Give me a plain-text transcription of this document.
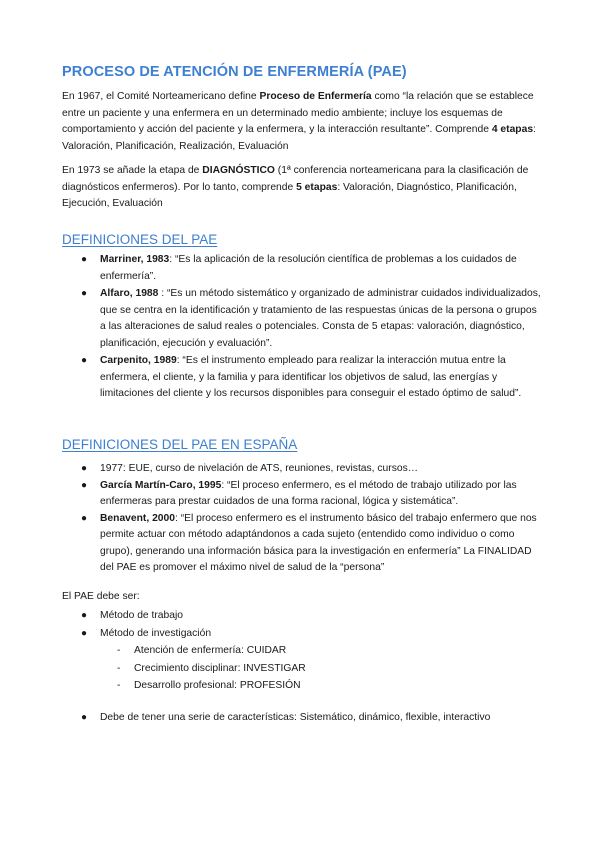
PROCESO DE ATENCIÓN DE ENFERMERÍA (PAE)
En 1967, el Comité Norteamericano define Proceso de Enfermería como “la relación que se establece entre un paciente y una enfermera en un determinado medio ambiente; incluye los esquemas de comportamiento y acción del paciente y la enfermera, y la interacción resultante”. Comprende 4 etapas: Valoración, Planificación, Realización, Evaluación
En 1973 se añade la etapa de DIAGNÓSTICO (1ª conferencia norteamericana para la clasificación de diagnósticos enfermeros). Por lo tanto, comprende 5 etapas: Valoración, Diagnóstico, Planificación, Ejecución, Evaluación
DEFINICIONES DEL PAE
● Marriner, 1983: “Es la aplicación de la resolución científica de problemas a los cuidados de enfermería”.
● Alfaro, 1988 : “Es un método sistemático y organizado de administrar cuidados individualizados, que se centra en la identificación y tratamiento de las respuestas únicas de la persona o grupos a las alteraciones de salud reales o potenciales. Consta de 5 etapas: valoración, diagnóstico, planificación, ejecución y evaluación”.
● Carpenito, 1989: “Es el instrumento empleado para realizar la interacción mutua entre la enfermera, el cliente, y la familia y para identificar los objetivos de salud, las energías y limitaciones del cliente y los recursos disponibles para conseguir el estado óptimo de salud”.
DEFINICIONES DEL PAE EN ESPAÑA
● 1977: EUE, curso de nivelación de ATS, reuniones, revistas, cursos…
● García Martín-Caro, 1995: “El proceso enfermero, es el método de trabajo utilizado por las enfermeras para prestar cuidados de una forma racional, lógica y sistemática”.
● Benavent, 2000: “El proceso enfermero es el instrumento básico del trabajo enfermero que nos permite actuar con método adaptándonos a cada sujeto (entendido como individuo o como grupo), generando una información básica para la investigación en enfermería” La FINALIDAD del PAE es promover el máximo nivel de salud de la “persona”
El PAE debe ser:
● Método de trabajo
● Método de investigación
- Atención de enfermería: CUIDAR
- Crecimiento disciplinar: INVESTIGAR
- Desarrollo profesional: PROFESIÓN
● Debe de tener una serie de características: Sistemático, dinámico, flexible, interactivo
